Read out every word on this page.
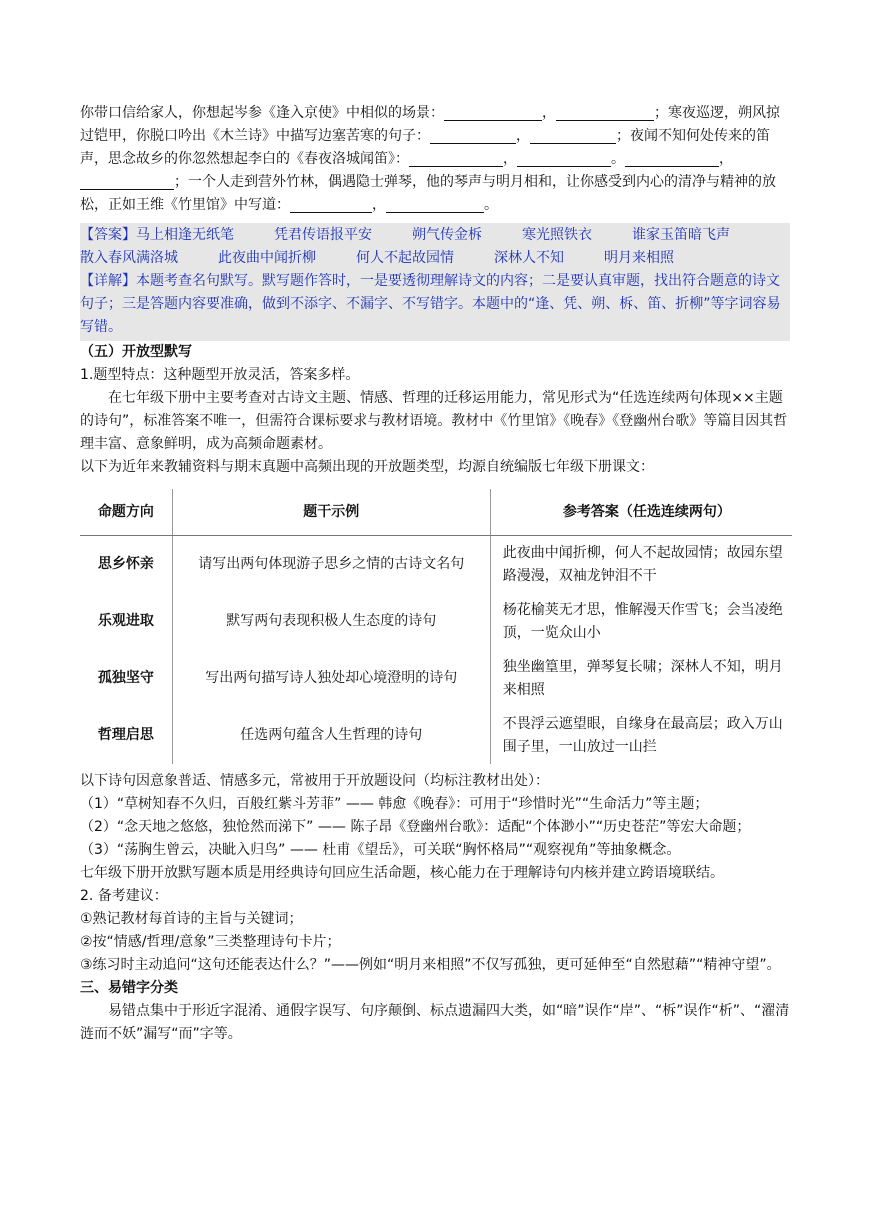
你带口信给家人，你想起岑参《逢入京使》中相似的场景：	，	；寒夜巡逻，朔风掠过铠甲，你脱口吟出《木兰诗》中描写边塞苦寒的句子：	，	；夜闻不知何处传来的笛声，思念故乡的你忽然想起李白的《春夜洛城闻笛》：	，	。	，；一个人走到营外竹林，偶遇隐士弹琴，他的琴声与明月相和，让你感受到内心的清净与精神的放松，正如王维《竹里馆》中写道：	，	。

【答案】马上相逢无纸笔	凭君传语报平安	朔气传金柝	寒光照铁衣	谁家玉笛暗飞声
散入春风满洛城	此夜曲中闻折柳	何人不起故园情	深林人不知	明月来相照

【详解】本题考查名句默写。默写题作答时，一是要透彻理解诗文的内容；二是要认真审题，找出符合题意的诗文句子；三是答题内容要准确，做到不添字、不漏字、不写错字。本题中的“逢、凭、朔、柝、笛、折柳”等字词容易写错。

（五）开放型默写

1.题型特点：这种题型开放灵活，答案多样。

在七年级下册中主要考查对古诗文主题、情感、哲理的迁移运用能力，常见形式为“任选连续两句体现××主题的诗句”，标准答案不唯一，但需符合课标要求与教材语境。教材中《竹里馆》《晚春》《登幽州台歌》等篇目因其哲理丰富、意象鲜明，成为高频命题素材。

以下为近年来教辅资料与期末真题中高频出现的开放题类型，均源自统编版七年级下册课文：

命题方向	题干示例	参考答案（任选连续两句）
思乡怀亲	请写出两句体现游子思乡之情的古诗文名句	此夜曲中闻折柳，何人不起故园情；故园东望路漫漫，双袖龙钟泪不干
乐观进取	默写两句表现积极人生态度的诗句	杨花榆荚无才思，惟解漫天作雪飞；会当凌绝顶，一览众山小
孤独坚守	写出两句描写诗人独处却心境澄明的诗句	独坐幽篁里，弹琴复长啸；深林人不知，明月来相照
哲理启思	任选两句蕴含人生哲理的诗句	不畏浮云遮望眼，自缘身在最高层；政入万山围子里，一山放过一山拦

以下诗句因意象普适、情感多元，常被用于开放题设问（均标注教材出处）：

（1）“草树知春不久归，百般红紫斗芳菲” —— 韩愈《晚春》：可用于“珍惜时光”“生命活力”等主题；

（2）“念天地之悠悠，独怆然而涕下” —— 陈子昂《登幽州台歌》：适配“个体渺小”“历史苍茫”等宏大命题；

（3）“荡胸生曾云，决眦入归鸟” —— 杜甫《望岳》，可关联“胸怀格局”“观察视角”等抽象概念。

七年级下册开放默写题本质是用经典诗句回应生活命题，核心能力在于理解诗句内核并建立跨语境联结。

2. 备考建议：

①熟记教材每首诗的主旨与关键词；

②按“情感/哲理/意象”三类整理诗句卡片；

③练习时主动追问“这句还能表达什么？”——例如“明月来相照”不仅写孤独，更可延伸至“自然慰藉”“精神守望”。

三、易错字分类

易错点集中于形近字混淆、通假字误写、句序颠倒、标点遗漏四大类，如“暗”误作“岸”、“柝”误作“析”、“濯清涟而不妖”漏写“而”字等。
